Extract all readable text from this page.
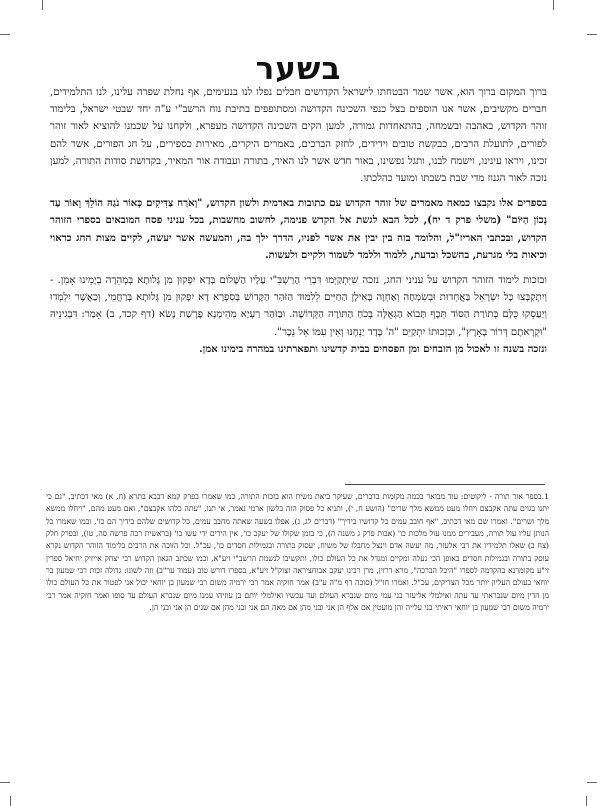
בשער

ברוך המקום ברוך הוא, אשר שמר הבטחתו לישראל הקדושים חבלים נפלו לנו בנעימים, אף נחלת שפרה עלינו, לנו התלמידים, חברים מקשיבים, אשר אנו הוספים בצל כנפי השכינה הקדושה ומסתופפים בתיבת נוח הרשב"י ע"ה יחד שבטי ישראל, בלימוד זוהר הקדוש, באהבה ובשמחה, בהתאחדות גמורה, למען הקים השכינה הקדושה מעפרא, ולקחנו על שכמנו להוציא לאור זוהר לפורים, לתועלת הרבים, כבקשת טובים וידידים, לחזק הברכים, באמרים היקרים, מאירות כספירים, על חג הפורים, אשר להם זכינו, ויראו עינינו, וישמח לבנו, ותגל נפשינו, באור חדש אשר לנו האיר, בתורה ועבודה אור המאיר, בקדושת סודות התורה, למען נזכה לאור הגנוז מדי שבת בשבתו ומועד כהלכתו.

בספרים אלו נקבצו כמאה מאמרים של זוהר הקדוש עם כתובות בארמית ולשון הקדוש, "וְאֹרַח צַדִּיקִים כְּאוֹר נֹגַהּ הוֹלֵךְ וָאוֹר עַד נְכוֹן הַיּוֹם" (משלי פרק ד יח), לכל הבא לגשת אל הקדש פנימה, לחשוב מחשבות, בכל עניני פסח המובאים בספרי הזוהר הקדוש, ובכתבי האריז"ל, והלומד בזה בין יבין את אשר לפניו, הדרך ילך בה, והמעשה אשר יעשה, לקיים מצות החג כראוי וכיאות בלי מגרעת, בהשכל ובדעת, ללמוד וללמד לשמור ולקיים ולעשות.

ובזכות לימוד הזוהר הקדוש על עניני החג, נזכה שִׁיִּתְקַיְּמוּ דִּבְרֵי הָרַשְׁבִּ"י עָלָיו הַשָּׁלוֹם בְּדָא יִפְקוּן מִן גָּלוּתָא בְּמְהֵרָה בְיָמֵינוּ אָמֵן. - וְיִתְקַבְּצוּ כָּל יִשְׂרָאֵל בַּאֲחְדוּת וּבְשִׂמְחָה וְאַחְוָה בָּאִילָן הַחַיִּים לְלִמּוּד הַזֹּהַר הַקָּדוֹשׁ בְּסִפְרָא דָא יִפְקוּן מִן גָּלוּתָא בְּרַחֲמֵי, וְכַאֲשֶׁר יִלְמְדוּ וְיַעַסְקוּ כֻּלָּם בְּתוֹרַת הַסּוֹד תֵּכֶף תָּבוֹא הַגְּאֻלָּה בְּכֹחַ הַתּוֹרָה הַקְּדוֹשָׁה. וּבַזֹּהַר רַעְיָא מְהֵימְנָא פָּרָשַׁת נָשֹׂא (דף קכד, ב) אָמַר: דִּבְגִינֵיהּ "וּקְרָאתֶם דְּרוֹר בָּאָרֶץ", וּבִזְכוּתוֹ יִתְקַיֵּם "ה' בָּדָד יַנְחֶנּוּ וְאֵין עִמּוֹ אֵל נֵכָר".

ונזכה בשנה זו לאכול מן הזבחים ומן הפסחים בבית קדשינו ותפארתינו במהרה בימינו אמן.

1.בספר אור תורה - ליקוטים: עוד מבואר בכמה מקומות בדברים, שעיקר ביאת משיח הוא בזכות התורה, כמו שאמרו בפרק קמא דבבא בתרא (ח, א) מאי דכתיב, "גם כי יתנו בגוים עתה אקבצם ויחלו מעט ממשא מלך שרים" (הושע ח, י), ותניא כל פסוק הזה בלשון ארמי נאמר, אי תנו, "עתה כלהו אקבצם", ואם מעט מהם, "ויחלו ממשא מלך ושרים". ואמרו שם מאי דכתיב, "אף חובב עמים כל קדושיו בידיך" (דברים לג, ג), אפלו בשעה שאתה מחבב עמים, כל קדושים שלהם בידיך הם כו', וכמו שאמרו כל הנותן עליו עול תורה, מעבירים ממנו עול מלכות כו' (אבות פרק ג משנה ה), כי בזמן שקולו של יעקב כו', אין הידים ידי עשו כו' (בראשית רבה פרשה סה, טו), ובפרק חלק (צח ב) שאלו תלמידיו את רבי אלעזר, מה יעשה אדם וינצל מחבלו של משיח, יעסוק בתורה ובגמילות חסדים כו', עכ"ל. וכל הזוכה את הרבים בלימוד הזוהר הקדוש נקרא עוסק בתורה ובגמילות חסדים באופן הכי נעלה ומקיים ומגדל את כל העולם כולו, ותקשיבו לנשמת הרשב"י זיע"א, וכמו שכתב הגאון הקדוש רבי יצחק אייזיק יחיאל ספרין זי"ע מקומרנא בהקדמה לספרו "היכל הברכה", מרא דרזין, מרן רבינו יעקב אבוחציראה זצוק"ל זיע"א, בספרו דורש טוב (עמוד ער"ב) וזה לשונו: גדולה זכות רבי שמעון בר יוחאי בעולם העליון יותר מכל הצדיקים, עכ"ל. ואמרו חז"ל (סוכה דף מ"ה ע"ב) אמר חזקיה אמר רבי ירמיה משום רבי שמעון בן יוחאי יכול אני לפטור את כל העולם כולו מן הדין מיום שנבראתי עד עתה ואילמלי אליעזר בני עמי מיום שנברא העולם ועד עכשיו ואילמלי יותם בן עוזיהו עמנו מיום שנברא העולם עד סופו ואמר חזקיה אמר רבי ירמיה משום רבי שמעון בן יוחאי ראיתי בני עלייה והן מועטין אם אלף הן אני ובני מהן אם מאה הם אני ובני מהן אם שנים הן אני ובני הן.
